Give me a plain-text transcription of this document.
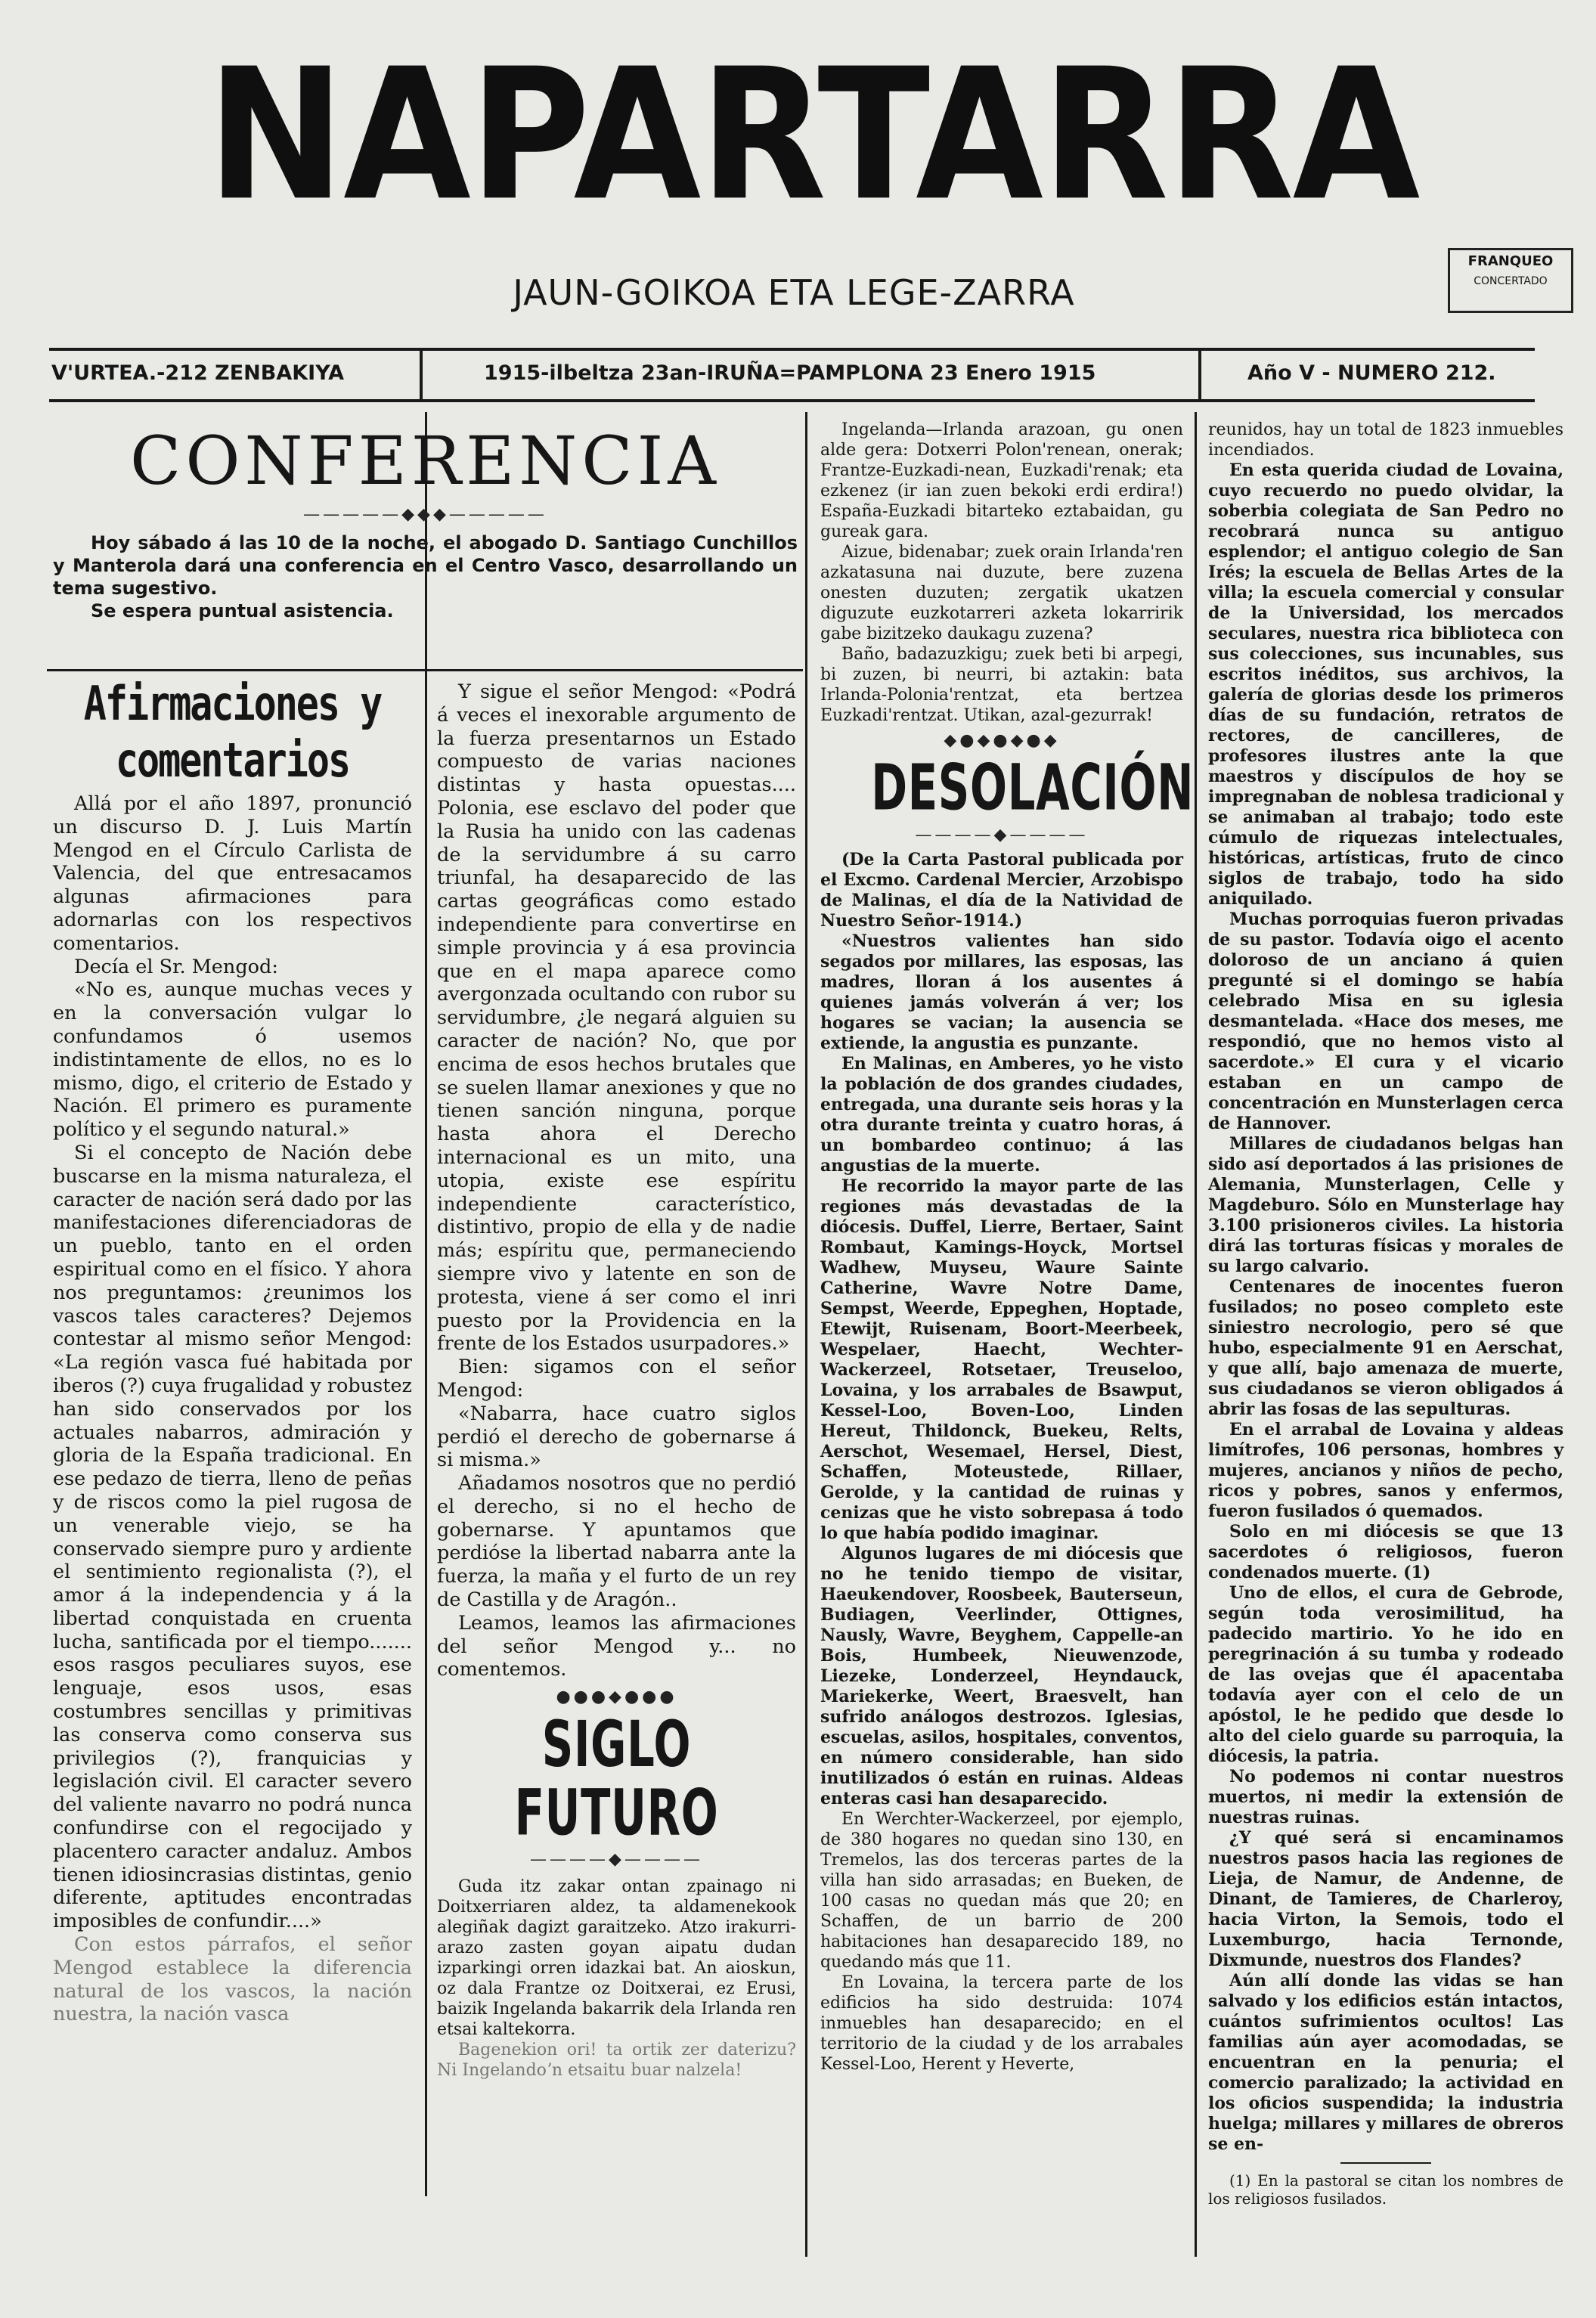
NAPARTARRA
JAUN-GOIKOA ETA LEGE-ZARRA
FRANQUEO
CONCERTADO
V'URTEA.-212 ZENBAKIYA	1915-ilbeltza 23an-IRUÑA=PAMPLONA 23 Enero 1915	Año V - NUMERO 212.
CONFERENCIA
—————◆◆◆—————
Hoy sábado á las 10 de la noche, el abogado D. Santiago Cunchillos y Manterola dará una conferencia en el Centro Vasco, desarrollando un tema sugestivo.
Se espera puntual asistencia.
Afirmaciones y comentarios

Allá por el año 1897, pronunció un discurso D. J. Luis Martín Mengod en el Círculo Carlista de Valencia, del que entresacamos algunas afirmaciones para adornarlas con los respectivos comentarios.

Decía el Sr. Mengod:

«No es, aunque muchas veces y en la conversación vulgar lo confundamos ó usemos indistintamente de ellos, no es lo mismo, digo, el criterio de Estado y Nación. El primero es puramente político y el segundo natural.»

Si el concepto de Nación debe buscarse en la misma naturaleza, el caracter de nación será dado por las manifestaciones diferenciadoras de un pueblo, tanto en el orden espiritual como en el físico. Y ahora nos preguntamos: ¿reunimos los vascos tales caracteres? Dejemos contestar al mismo señor Mengod: «La región vasca fué habitada por iberos (?) cuya frugalidad y robustez han sido conservados por los actuales nabarros, admiración y gloria de la España tradicional. En ese pedazo de tierra, lleno de peñas y de riscos como la piel rugosa de un venerable viejo, se ha conservado siempre puro y ardiente el sentimiento regionalista (?), el amor á la independencia y á la libertad conquistada en cruenta lucha, santificada por el tiempo....... esos rasgos peculiares suyos, ese lenguaje, esos usos, esas costumbres sencillas y primitivas las conserva como conserva sus privilegios (?), franquicias y legislación civil. El caracter severo del valiente navarro no podrá nunca confundirse con el regocijado y placentero caracter andaluz. Ambos tienen idiosincrasias distintas, genio diferente, aptitudes encontradas imposibles de confundir....»

Con estos párrafos, el señor Mengod establece la diferencia natural de los vascos, la nación nuestra, la nación vasca

Y sigue el señor Mengod: «Podrá á veces el inexorable argumento de la fuerza presentarnos un Estado compuesto de varias naciones distintas y hasta opuestas.... Polonia, ese esclavo del poder que la Rusia ha unido con las cadenas de la servidumbre á su carro triunfal, ha desaparecido de las cartas geográficas como estado independiente para convertirse en simple provincia y á esa provincia que en el mapa aparece como avergonzada ocultando con rubor su servidumbre, ¿le negará alguien su caracter de nación? No, que por encima de esos hechos brutales que se suelen llamar anexiones y que no tienen sanción ninguna, porque hasta ahora el Derecho internacional es un mito, una utopia, existe ese espíritu independiente característico, distintivo, propio de ella y de nadie más; espíritu que, permaneciendo siempre vivo y latente en son de protesta, viene á ser como el inri puesto por la Providencia en la frente de los Estados usurpadores.»

Bien: sigamos con el señor Mengod:

«Nabarra, hace cuatro siglos perdió el derecho de gobernarse á si misma.»

Añadamos nosotros que no perdió el derecho, si no el hecho de gobernarse. Y apuntamos que perdióse la libertad nabarra ante la fuerza, la maña y el furto de un rey de Castilla y de Aragón..

Leamos, leamos las afirmaciones del señor Mengod y... no comentemos.

●●●◆●●●
SIGLO FUTURO
————◆————

Guda itz zakar ontan zpainago ni Doitxerriaren aldez, ta aldamenekook alegiñak dagizt garaitzeko. Atzo irakurri-arazo zasten goyan aipatu dudan izparkingi orren idazkai bat. An aioskun, oz dala Frantze oz Doitxerai, ez Erusi, baizik Ingelanda bakarrik dela Irlanda ren etsai kaltekorra.

Bagenekion ori! ta ortik zer daterizu? Ni Ingelandoʼn etsaitu buar nalzela!

Ingelanda—Irlanda arazoan, gu onen alde gera: Dotxerri Polon'renean, onerak; Frantze-Euzkadi-nean, Euzkadi'renak; eta ezkenez (ir ian zuen bekoki erdi erdira!) España-Euzkadi bitarteko eztabaidan, gu gureak gara.

Aizue, bidenabar; zuek orain Irlanda'ren azkatasuna nai duzute, bere zuzena onesten duzuten; zergatik ukatzen diguzute euzkotarreri azketa lokarririk gabe bizitzeko daukagu zuzena?

Baño, badazuzkigu; zuek beti bi arpegi, bi zuzen, bi neurri, bi aztakin: bata Irlanda-Polonia'rentzat, eta bertzea Euzkadi'rentzat. Utikan, azal-gezurrak!

◆●◆●◆●◆
DESOLACIÓN
————◆————

(De la Carta Pastoral publicada por el Excmo. Cardenal Mercier, Arzobispo de Malinas, el día de la Natividad de Nuestro Señor-1914.)

«Nuestros valientes han sido segados por millares, las esposas, las madres, lloran á los ausentes á quienes jamás volverán á ver; los hogares se vacian; la ausencia se extiende, la angustia es punzante.

En Malinas, en Amberes, yo he visto la población de dos grandes ciudades, entregada, una durante seis horas y la otra durante treinta y cuatro horas, á un bombardeo continuo; á las angustias de la muerte.

He recorrido la mayor parte de las regiones más devastadas de la diócesis. Duffel, Lierre, Bertaer, Saint Rombaut, Kamings-Hoyck, Mortsel Wadhew, Muyseu, Waure Sainte Catherine, Wavre Notre Dame, Sempst, Weerde, Eppeghen, Hoptade, Etewijt, Ruisenam, Boort-Meerbeek, Wespelaer, Haecht, Wechter-Wackerzeel, Rotsetaer, Treuseloo, Lovaina, y los arrabales de Bsawput, Kessel-Loo, Boven-Loo, Linden Hereut, Thildonck, Buekeu, Relts, Aerschot, Wesemael, Hersel, Diest, Schaffen, Moteustede, Rillaer, Gerolde, y la cantidad de ruinas y cenizas que he visto sobrepasa á todo lo que había podido imaginar.

Algunos lugares de mi diócesis que no he tenido tiempo de visitar, Haeukendover, Roosbeek, Bauterseun, Budiagen, Veerlinder, Ottignes, Nausly, Wavre, Beyghem, Cappelle-an Bois, Humbeek, Nieuwenzode, Liezeke, Londerzeel, Heyndauck, Mariekerke, Weert, Braesvelt, han sufrido análogos destrozos. Iglesias, escuelas, asilos, hospitales, conventos, en número considerable, han sido inutilizados ó están en ruinas. Aldeas enteras casi han desaparecido.

En Werchter-Wackerzeel, por ejemplo, de 380 hogares no quedan sino 130, en Tremelos, las dos terceras partes de la villa han sido arrasadas; en Bueken, de 100 casas no quedan más que 20; en Schaffen, de un barrio de 200 habitaciones han desaparecido 189, no quedando más que 11.

En Lovaina, la tercera parte de los edificios ha sido destruida: 1074 inmuebles han desaparecido; en el territorio de la ciudad y de los arrabales Kessel-Loo, Herent y Heverte,

reunidos, hay un total de 1823 inmuebles incendiados.

En esta querida ciudad de Lovaina, cuyo recuerdo no puedo olvidar, la soberbia colegiata de San Pedro no recobrará nunca su antiguo esplendor; el antiguo colegio de San Irés; la escuela de Bellas Artes de la villa; la escuela comercial y consular de la Universidad, los mercados seculares, nuestra rica biblioteca con sus colecciones, sus incunables, sus escritos inéditos, sus archivos, la galería de glorias desde los primeros días de su fundación, retratos de rectores, de cancilleres, de profesores ilustres ante la que maestros y discípulos de hoy se impregnaban de noblesa tradicional y se animaban al trabajo; todo este cúmulo de riquezas intelectuales, históricas, artísticas, fruto de cinco siglos de trabajo, todo ha sido aniquilado.

Muchas porroquias fueron privadas de su pastor. Todavía oigo el acento doloroso de un anciano á quien pregunté si el domingo se había celebrado Misa en su iglesia desmantelada. «Hace dos meses, me respondió, que no hemos visto al sacerdote.» El cura y el vicario estaban en un campo de concentración en Munsterlagen cerca de Hannover.

Millares de ciudadanos belgas han sido así deportados á las prisiones de Alemania, Munsterlagen, Celle y Magdeburo. Sólo en Munsterlage hay 3.100 prisioneros civiles. La historia dirá las torturas físicas y morales de su largo calvario.

Centenares de inocentes fueron fusilados; no poseo completo este siniestro necrologio, pero sé que hubo, especialmente 91 en Aerschat, y que allí, bajo amenaza de muerte, sus ciudadanos se vieron obligados á abrir las fosas de las sepulturas.

En el arrabal de Lovaina y aldeas limítrofes, 106 personas, hombres y mujeres, ancianos y niños de pecho, ricos y pobres, sanos y enfermos, fueron fusilados ó quemados.

Solo en mi diócesis se que 13 sacerdotes ó religiosos, fueron condenados muerte. (1)

Uno de ellos, el cura de Gebrode, según toda verosimilitud, ha padecido martirio. Yo he ido en peregrinación á su tumba y rodeado de las ovejas que él apacentaba todavía ayer con el celo de un apóstol, le he pedido que desde lo alto del cielo guarde su parroquia, la diócesis, la patria.

No podemos ni contar nuestros muertos, ni medir la extensión de nuestras ruinas.

¿Y qué será si encaminamos nuestros pasos hacia las regiones de Lieja, de Namur, de Andenne, de Dinant, de Tamieres, de Charleroy, hacia Virton, la Semois, todo el Luxemburgo, hacia Ternonde, Dixmunde, nuestros dos Flandes?

Aún allí donde las vidas se han salvado y los edificios están intactos, cuántos sufrimientos ocultos! Las familias aún ayer acomodadas, se encuentran en la penuria; el comercio paralizado; la actividad en los oficios suspendida; la industria huelga; millares y millares de obreros se en-

(1) En la pastoral se citan los nombres de los religiosos fusilados.
